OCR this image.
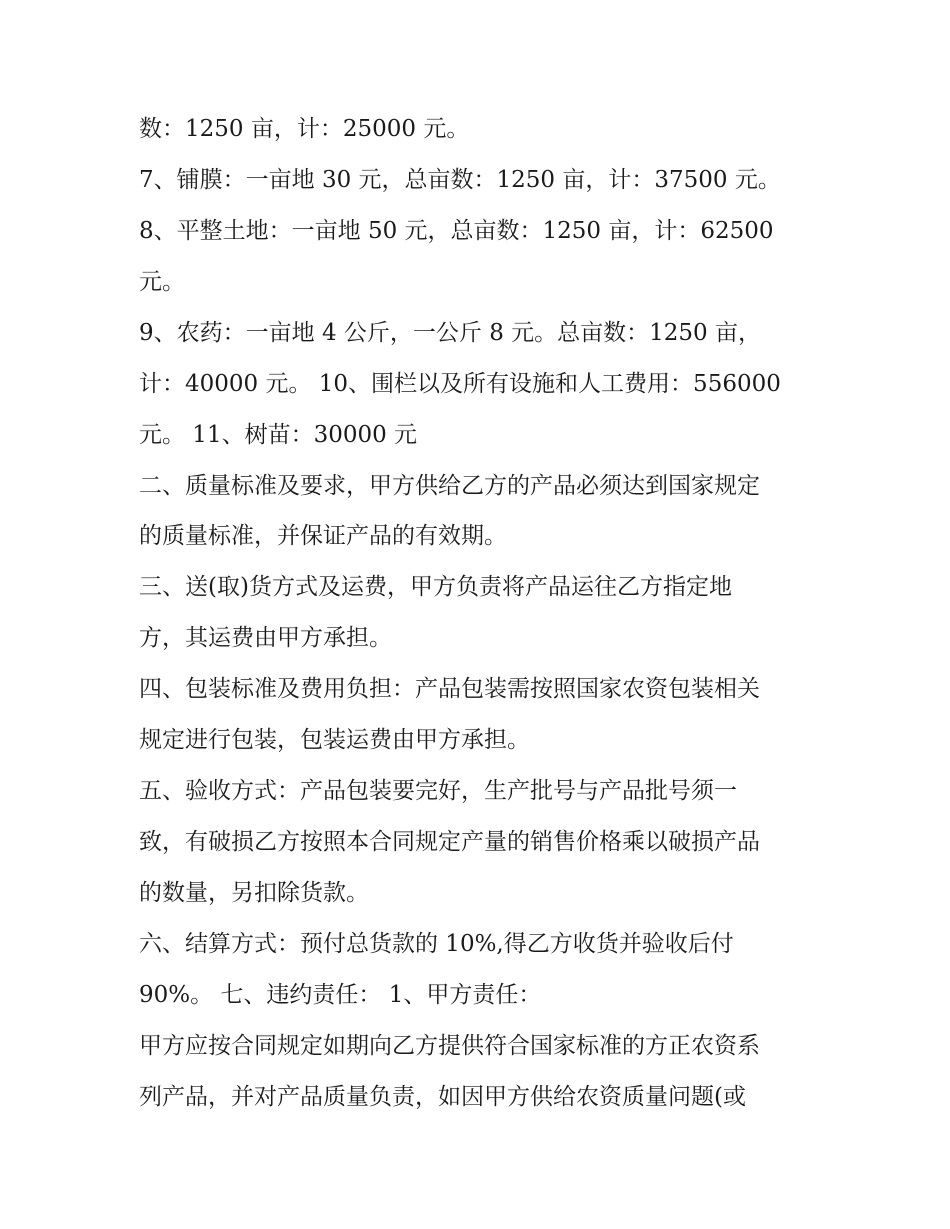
数：1250 亩，计：25000 元。
7、铺膜：一亩地 30 元，总亩数：1250 亩，计：37500 元。
8、平整土地：一亩地 50 元，总亩数：1250 亩，计：62500
元。
9、农药：一亩地 4 公斤，一公斤 8 元。总亩数：1250 亩，
计：40000 元。 10、围栏以及所有设施和人工费用：556000
元。 11、树苗：30000 元
二、质量标准及要求，甲方供给乙方的产品必须达到国家规定
的质量标准，并保证产品的有效期。
三、送(取)货方式及运费，甲方负责将产品运往乙方指定地
方，其运费由甲方承担。
四、包装标准及费用负担：产品包装需按照国家农资包装相关
规定进行包装，包装运费由甲方承担。
五、验收方式：产品包装要完好，生产批号与产品批号须一
致，有破损乙方按照本合同规定产量的销售价格乘以破损产品
的数量，另扣除货款。
六、结算方式：预付总货款的 10%,得乙方收货并验收后付
90%。 七、违约责任： 1、甲方责任：
甲方应按合同规定如期向乙方提供符合国家标准的方正农资系
列产品，并对产品质量负责，如因甲方供给农资质量问题(或
